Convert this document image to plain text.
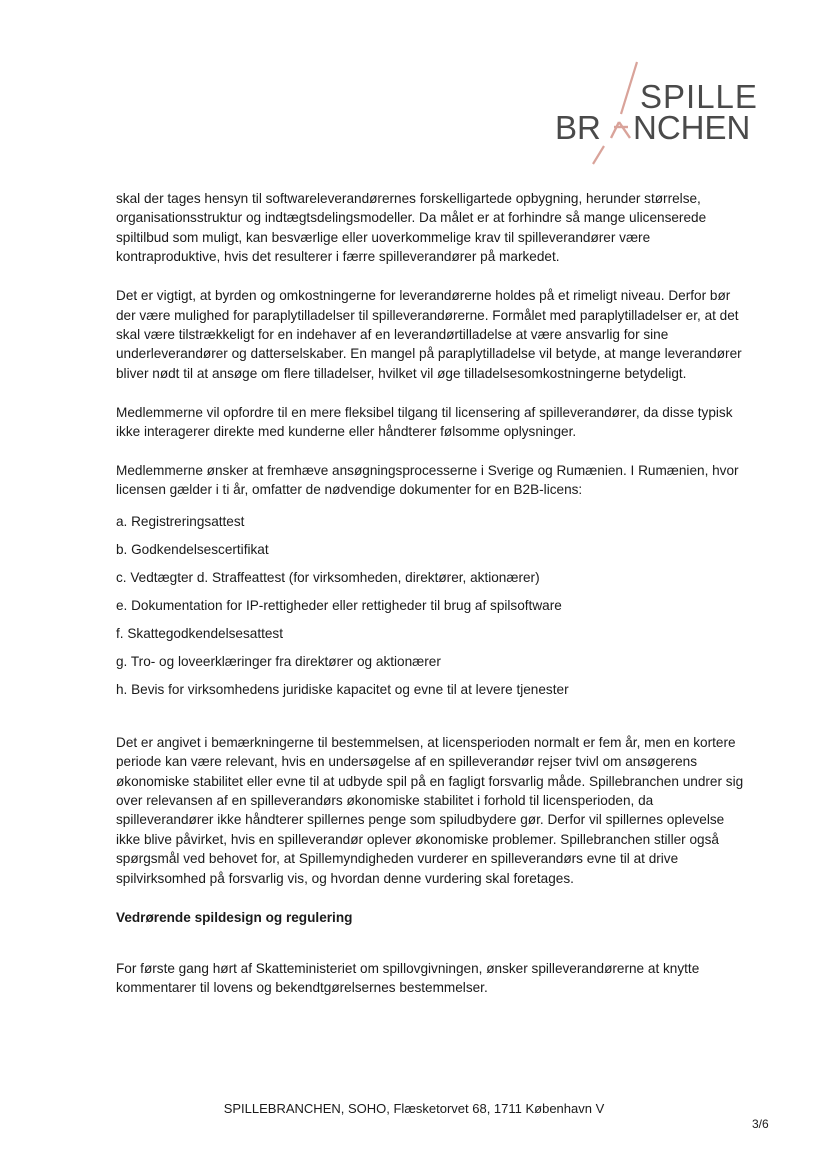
SPILLE
BR NCHEN

skal der tages hensyn til softwareleverandørernes forskelligartede opbygning, herunder størrelse, organisationsstruktur og indtægtsdelingsmodeller. Da målet er at forhindre så mange ulicenserede spiltilbud som muligt, kan besværlige eller uoverkommelige krav til spilleverandører være kontraproduktive, hvis det resulterer i færre spilleverandører på markedet.

Det er vigtigt, at byrden og omkostningerne for leverandørerne holdes på et rimeligt niveau. Derfor bør der være mulighed for paraplytilladelser til spilleverandørerne. Formålet med paraplytilladelser er, at det skal være tilstrækkeligt for en indehaver af en leverandørtilladelse at være ansvarlig for sine underleverandører og datterselskaber. En mangel på paraplytilladelse vil betyde, at mange leverandører bliver nødt til at ansøge om flere tilladelser, hvilket vil øge tilladelsesomkostningerne betydeligt.

Medlemmerne vil opfordre til en mere fleksibel tilgang til licensering af spilleverandører, da disse typisk ikke interagerer direkte med kunderne eller håndterer følsomme oplysninger.

Medlemmerne ønsker at fremhæve ansøgningsprocesserne i Sverige og Rumænien. I Rumænien, hvor licensen gælder i ti år, omfatter de nødvendige dokumenter for en B2B-licens:

a. Registreringsattest
b. Godkendelsescertifikat
c. Vedtægter d. Straffeattest (for virksomheden, direktører, aktionærer)
e. Dokumentation for IP-rettigheder eller rettigheder til brug af spilsoftware
f. Skattegodkendelsesattest
g. Tro- og loveerklæringer fra direktører og aktionærer
h. Bevis for virksomhedens juridiske kapacitet og evne til at levere tjenester

Det er angivet i bemærkningerne til bestemmelsen, at licensperioden normalt er fem år, men en kortere periode kan være relevant, hvis en undersøgelse af en spilleverandør rejser tvivl om ansøgerens økonomiske stabilitet eller evne til at udbyde spil på en fagligt forsvarlig måde. Spillebranchen undrer sig over relevansen af en spilleverandørs økonomiske stabilitet i forhold til licensperioden, da spilleverandører ikke håndterer spillernes penge som spiludbydere gør. Derfor vil spillernes oplevelse ikke blive påvirket, hvis en spilleverandør oplever økonomiske problemer. Spillebranchen stiller også spørgsmål ved behovet for, at Spillemyndigheden vurderer en spilleverandørs evne til at drive spilvirksomhed på forsvarlig vis, og hvordan denne vurdering skal foretages.

Vedrørende spildesign og regulering

For første gang hørt af Skatteministeriet om spillovgivningen, ønsker spilleverandørerne at knytte kommentarer til lovens og bekendtgørelsernes bestemmelser.

SPILLEBRANCHEN, SOHO, Flæsketorvet 68, 1711 København V
3/6
